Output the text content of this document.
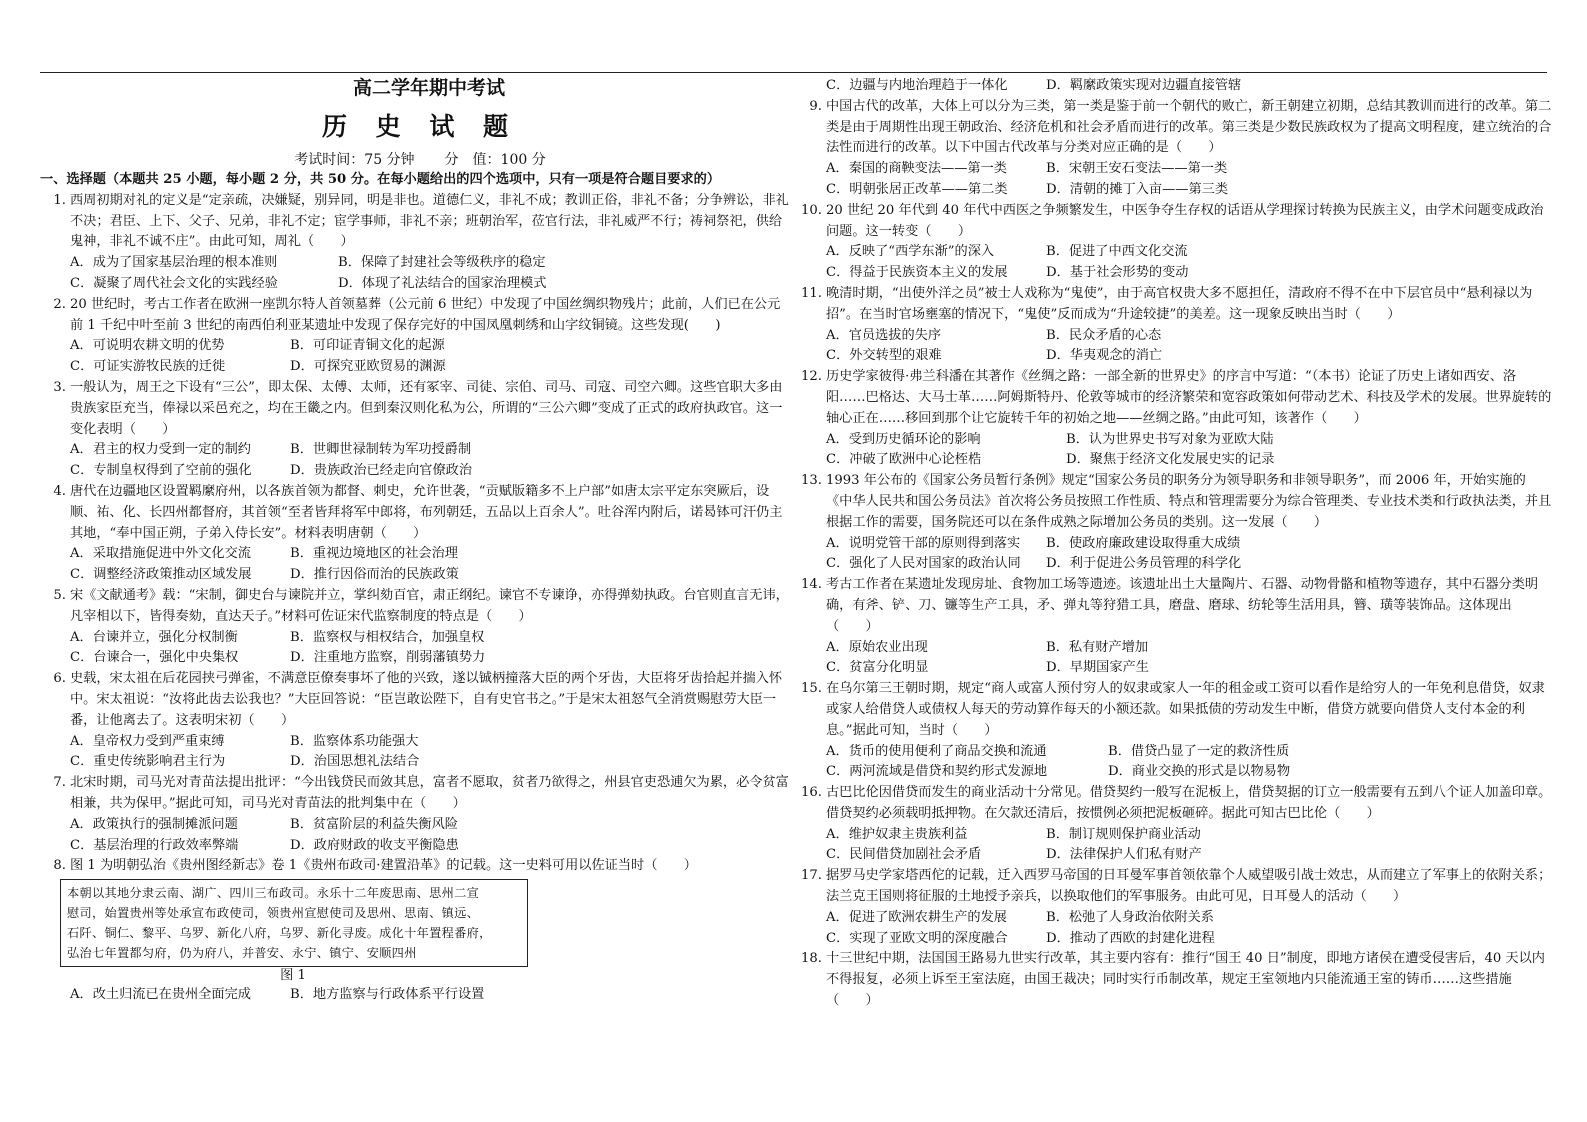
高二学年期中考试
历 史 试 题
考试时间：75 分钟 分　值：100 分
一、选择题（本题共 25 小题，每小题 2 分，共 50 分。在每小题给出的四个选项中，只有一项是符合题目要求的）
1. 西周初期对礼的定义是“定亲疏，决嫌疑，别异同，明是非也。道德仁义，非礼不成；教训正俗，非礼不备；分争辨讼，非礼不决；君臣、上下、父子、兄弟，非礼不定；宦学事师，非礼不亲；班朝治军，莅官行法，非礼威严不行；祷祠祭祀，供给鬼神，非礼不诚不庄”。由此可知，周礼（　　）
A．成为了国家基层治理的根本准则	B．保障了封建社会等级秩序的稳定
C．凝聚了周代社会文化的实践经验	D．体现了礼法结合的国家治理模式
2. 20 世纪时，考古工作者在欧洲一座凯尔特人首领墓葬（公元前 6 世纪）中发现了中国丝绸织物残片；此前，人们已在公元前 1 千纪中叶至前 3 世纪的南西伯利亚某遗址中发现了保存完好的中国凤凰刺绣和山字纹铜镜。这些发现(　　)
A．可说明农耕文明的优势	B．可印证青铜文化的起源
C．可证实游牧民族的迁徙	D．可探究亚欧贸易的渊源
3. 一般认为，周王之下设有“三公”，即太保、太傅、太师，还有冢宰、司徒、宗伯、司马、司寇、司空六卿。这些官职大多由贵族家臣充当，俸禄以采邑充之，均在王畿之内。但到秦汉则化私为公，所谓的“三公六卿”变成了正式的政府执政官。这一变化表明（　　）
A．君主的权力受到一定的制约	B．世卿世禄制转为军功授爵制
C．专制皇权得到了空前的强化	D．贵族政治已经走向官僚政治
4. 唐代在边疆地区设置羁縻府州，以各族首领为都督、刺史，允许世袭，“贡赋版籍多不上户部”如唐太宗平定东突厥后，设顺、祐、化、长四州都督府，其首领“至者皆拜将军中郎将，布列朝廷，五品以上百余人”。吐谷浑内附后，诺曷钵可汗仍主其地，“奉中国正朔，子弟入侍长安”。材料表明唐朝（　　）
A．采取措施促进中外文化交流	B．重视边境地区的社会治理
C．调整经济政策推动区域发展	D．推行因俗而治的民族政策
5. 宋《文献通考》载：“宋制，御史台与谏院并立，掌纠劾百官，肃正纲纪。谏官不专谏诤，亦得弹劾执政。台官则直言无讳，凡宰相以下，皆得奏劾，直达天子。”材料可佐证宋代监察制度的特点是（　　）
A．台谏并立，强化分权制衡	B．监察权与相权结合，加强皇权
C．台谏合一，强化中央集权	D．注重地方监察，削弱藩镇势力
6. 史载，宋太祖在后花园挟弓弹雀，不满意臣僚奏事坏了他的兴致，遂以铖柄撞落大臣的两个牙齿，大臣将牙齿拾起并揣入怀中。宋太祖说：“汝将此齿去讼我也？”大臣回答说：“臣岂敢讼陛下，自有史官书之。”于是宋太祖怒气全消赏赐慰劳大臣一番，让他离去了。这表明宋初（　　）
A．皇帝权力受到严重束缚	B．监察体系功能强大
C．重史传统影响君主行为	D．治国思想礼法结合
7. 北宋时期，司马光对青苗法提出批评：“今出钱贷民而敛其息，富者不愿取，贫者乃欲得之，州县官吏恐逋欠为累，必令贫富相兼，共为保甲。”据此可知，司马光对青苗法的批判集中在（　　）
A．政策执行的强制摊派问题	B．贫富阶层的利益失衡风险
C．基层治理的行政效率弊端	D．政府财政的收支平衡隐患
8. 图 1 为明朝弘治《贵州图经新志》卷 1《贵州布政司·建置沿革》的记载。这一史料可用以佐证当时（　　）
本朝以其地分隶云南、湖广、四川三布政司。永乐十二年废思南、思州二宣
慰司，始置贵州等处承宣布政使司，领贵州宣慰使司及思州、思南、镇远、
石阡、铜仁、黎平、乌罗、新化八府，乌罗、新化寻废。成化十年置程番府，
弘治七年置都匀府，仍为府八，并普安、永宁、镇宁、安顺四州
图 1
A．改土归流已在贵州全面完成	B．地方监察与行政体系平行设置
C．边疆与内地治理趋于一体化	D．羁縻政策实现对边疆直接管辖
9. 中国古代的改革，大体上可以分为三类，第一类是鉴于前一个朝代的败亡，新王朝建立初期，总结其教训而进行的改革。第二类是由于周期性出现王朝政治、经济危机和社会矛盾而进行的改革。第三类是少数民族政权为了提高文明程度，建立统治的合法性而进行的改革。以下中国古代改革与分类对应正确的是（　　）
A．秦国的商鞅变法——第一类	B．宋朝王安石变法——第一类
C．明朝张居正改革——第二类	D．清朝的摊丁入亩——第三类
10. 20 世纪 20 年代到 40 年代中西医之争频繁发生，中医争夺生存权的话语从学理探讨转换为民族主义，由学术问题变成政治问题。这一转变（　　）
A．反映了“西学东渐”的深入	B．促进了中西文化交流
C．得益于民族资本主义的发展	D．基于社会形势的变动
11. 晚清时期，“出使外洋之员”被士人戏称为“鬼使”，由于高官权贵大多不愿担任，清政府不得不在中下层官员中“悬利禄以为招”。在当时官场壅塞的情况下，“鬼使”反而成为“升途较捷”的美差。这一现象反映出当时（　　）
A．官员选拔的失序	B．民众矛盾的心态
C．外交转型的艰难	D．华夷观念的消亡
12. 历史学家彼得·弗兰科潘在其著作《丝绸之路：一部全新的世界史》的序言中写道：“（本书）论证了历史上诸如西安、洛阳……巴格达、大马士革……阿姆斯特丹、伦敦等城市的经济繁荣和宽容政策如何带动艺术、科技及学术的发展。世界旋转的轴心正在……移回到那个让它旋转千年的初始之地——丝绸之路。”由此可知，该著作（　　）
A．受到历史循环论的影响	B．认为世界史书写对象为亚欧大陆
C．冲破了欧洲中心论桎梏	D．聚焦于经济文化发展史实的记录
13. 1993 年公布的《国家公务员暂行条例》规定“国家公务员的职务分为领导职务和非领导职务”，而 2006 年，开始实施的《中华人民共和国公务员法》首次将公务员按照工作性质、特点和管理需要分为综合管理类、专业技术类和行政执法类，并且根据工作的需要，国务院还可以在条件成熟之际增加公务员的类别。这一发展（　　）
A．说明党管干部的原则得到落实	B．使政府廉政建设取得重大成绩
C．强化了人民对国家的政治认同	D．利于促进公务员管理的科学化
14. 考古工作者在某遗址发现房址、食物加工场等遗迹。该遗址出土大量陶片、石器、动物骨骼和植物等遗存，其中石器分类明确，有斧、铲、刀、镰等生产工具，矛、弹丸等狩猎工具，磨盘、磨球、纺轮等生活用具，簪、璜等装饰品。这体现出（　　）
A．原始农业出现	B．私有财产增加
C．贫富分化明显	D．早期国家产生
15. 在乌尔第三王朝时期，规定“商人或富人预付穷人的奴隶或家人一年的租金或工资可以看作是给穷人的一年免利息借贷，奴隶或家人给借贷人或债权人每天的劳动算作每天的小额还款。如果抵债的劳动发生中断，借贷方就要向借贷人支付本金的利息。”据此可知，当时（　　）
A．货币的使用便利了商品交换和流通	B．借贷凸显了一定的救济性质
C．两河流域是借贷和契约形式发源地	D．商业交换的形式是以物易物
16. 古巴比伦因借贷而发生的商业活动十分常见。借贷契约一般写在泥板上，借贷契据的订立一般需要有五到八个证人加盖印章。借贷契约必须载明抵押物。在欠款还清后，按惯例必须把泥板砸碎。据此可知古巴比伦（　　）
A．维护奴隶主贵族利益	B．制订规则保护商业活动
C．民间借贷加剧社会矛盾	D．法律保护人们私有财产
17. 据罗马史学家塔西佗的记载，迁入西罗马帝国的日耳曼军事首领依靠个人威望吸引战士效忠，从而建立了军事上的依附关系；法兰克王国则将征服的土地授予亲兵，以换取他们的军事服务。由此可见，日耳曼人的活动（　　）
A．促进了欧洲农耕生产的发展	B．松弛了人身政治依附关系
C．实现了亚欧文明的深度融合	D．推动了西欧的封建化进程
18. 十三世纪中期，法国国王路易九世实行改革，其主要内容有：推行“国王 40 日”制度，即地方诸侯在遭受侵害后，40 天以内不得报复，必须上诉至王室法庭，由国王裁决；同时实行币制改革，规定王室领地内只能流通王室的铸币……这些措施（　　）
